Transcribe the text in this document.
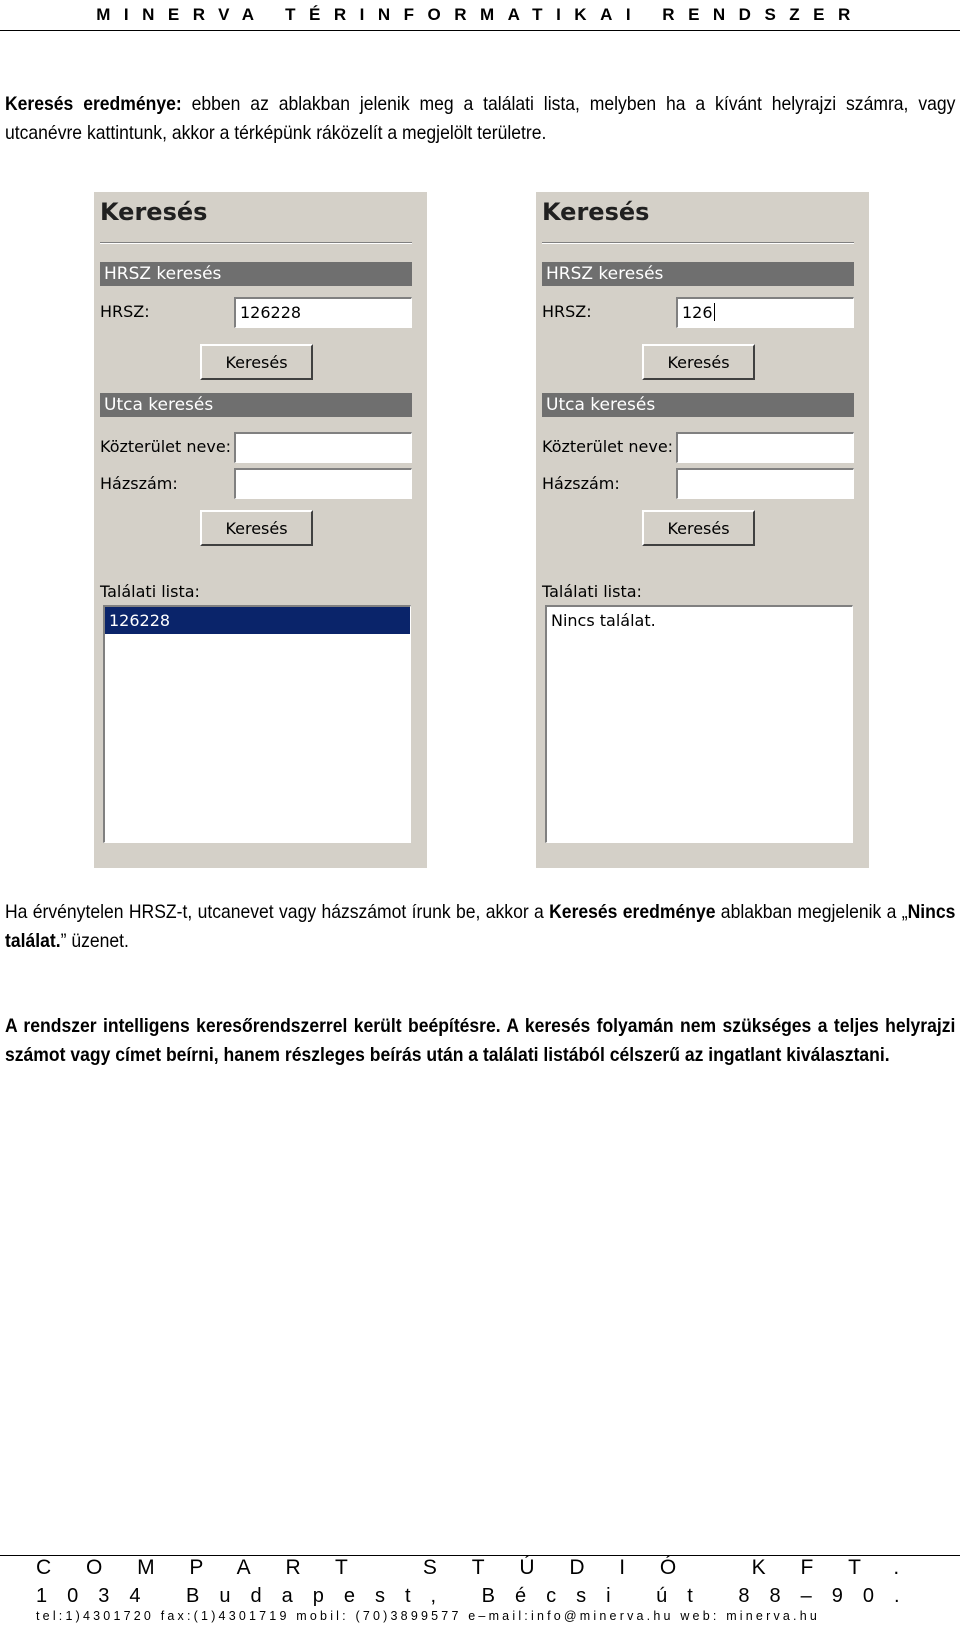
MINERVA TÉRINFORMATIKAI RENDSZER
Keresés eredménye: ebben az ablakban jelenik meg a találati lista, melyben ha a kívánt helyrajzi számra, vagy utcanévre kattintunk, akkor a térképünk ráközelít a megjelölt területre.
Keresés
HRSZ keresés
HRSZ:	126228
Keresés
Utca keresés
Közterület neve:
Házszám:
Keresés
Találati lista:
126228
Keresés
HRSZ keresés
HRSZ:	126
Keresés
Utca keresés
Közterület neve:
Házszám:
Keresés
Találati lista:
Nincs találat.
Ha érvénytelen HRSZ-t, utcanevet vagy házszámot írunk be, akkor a Keresés eredménye ablakban megjelenik a „Nincs találat.” üzenet.
A rendszer intelligens keresőrendszerrel került beépítésre. A keresés folyamán nem szükséges a teljes helyrajzi számot vagy címet beírni, hanem részleges beírás után a találati listából célszerű az ingatlant kiválasztani.
COMPART STÚDIÓ KFT.
1034 Budapest, Bécsi út 88–90.
tel:1)4301720 fax:(1)4301719 mobil: (70)3899577 e–mail:info@minerva.hu web: minerva.hu
